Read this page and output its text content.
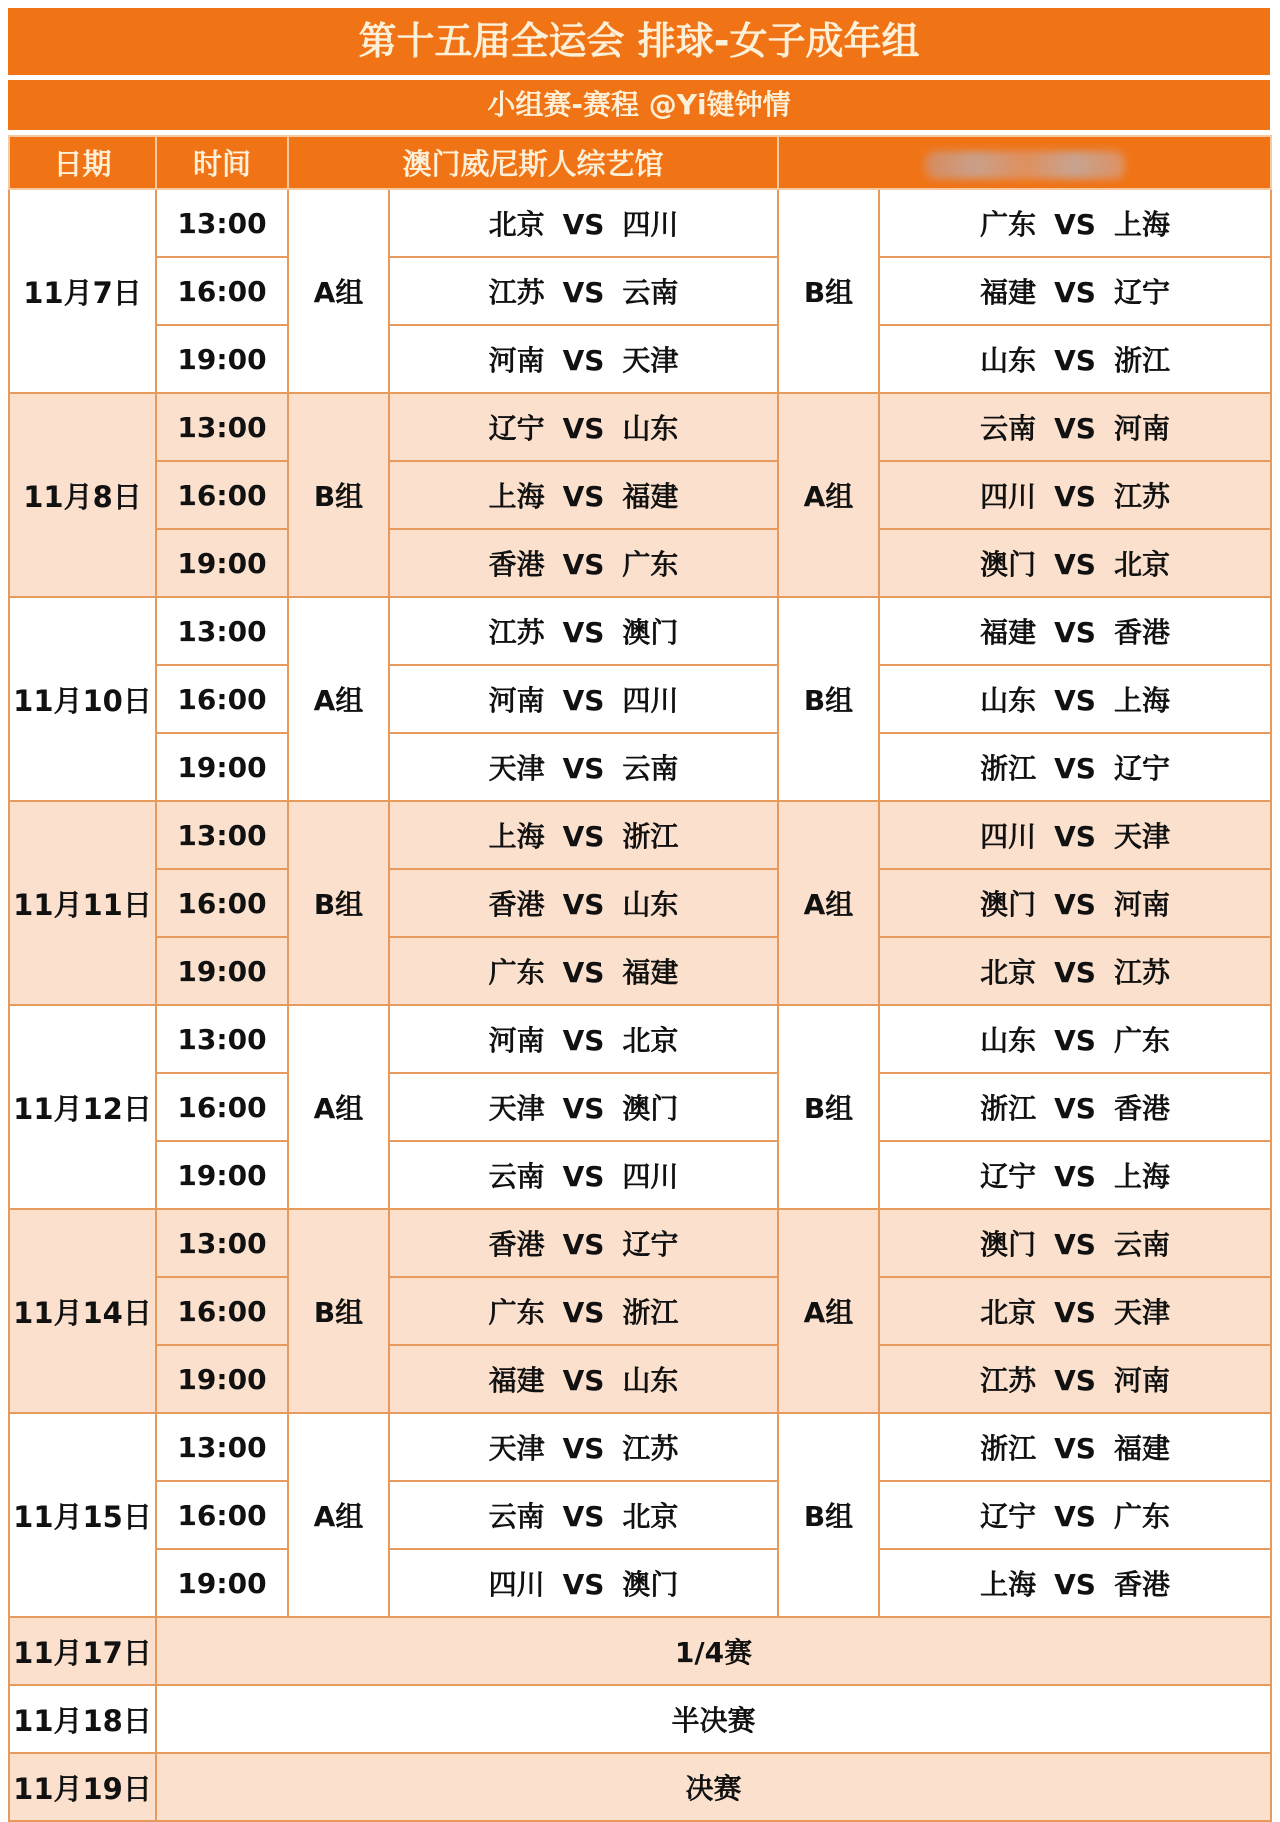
第十五届全运会 排球-女子成年组
小组赛-赛程 @Yi键钟情
日期	时间	澳门威尼斯人综艺馆			
11月7日	13:00	A组	北京 VS 四川	B组	广东 VS 上海
	16:00		江苏 VS 云南		福建 VS 辽宁
	19:00		河南 VS 天津		山东 VS 浙江
11月8日	13:00	B组	辽宁 VS 山东	A组	云南 VS 河南
	16:00		上海 VS 福建		四川 VS 江苏
	19:00		香港 VS 广东		澳门 VS 北京
11月10日	13:00	A组	江苏 VS 澳门	B组	福建 VS 香港
	16:00		河南 VS 四川		山东 VS 上海
	19:00		天津 VS 云南		浙江 VS 辽宁
11月11日	13:00	B组	上海 VS 浙江	A组	四川 VS 天津
	16:00		香港 VS 山东		澳门 VS 河南
	19:00		广东 VS 福建		北京 VS 江苏
11月12日	13:00	A组	河南 VS 北京	B组	山东 VS 广东
	16:00		天津 VS 澳门		浙江 VS 香港
	19:00		云南 VS 四川		辽宁 VS 上海
11月14日	13:00	B组	香港 VS 辽宁	A组	澳门 VS 云南
	16:00		广东 VS 浙江		北京 VS 天津
	19:00		福建 VS 山东		江苏 VS 河南
11月15日	13:00	A组	天津 VS 江苏	B组	浙江 VS 福建
	16:00		云南 VS 北京		辽宁 VS 广东
	19:00		四川 VS 澳门		上海 VS 香港
11月17日	1/4赛				
11月18日	半决赛				
11月19日	决赛				
